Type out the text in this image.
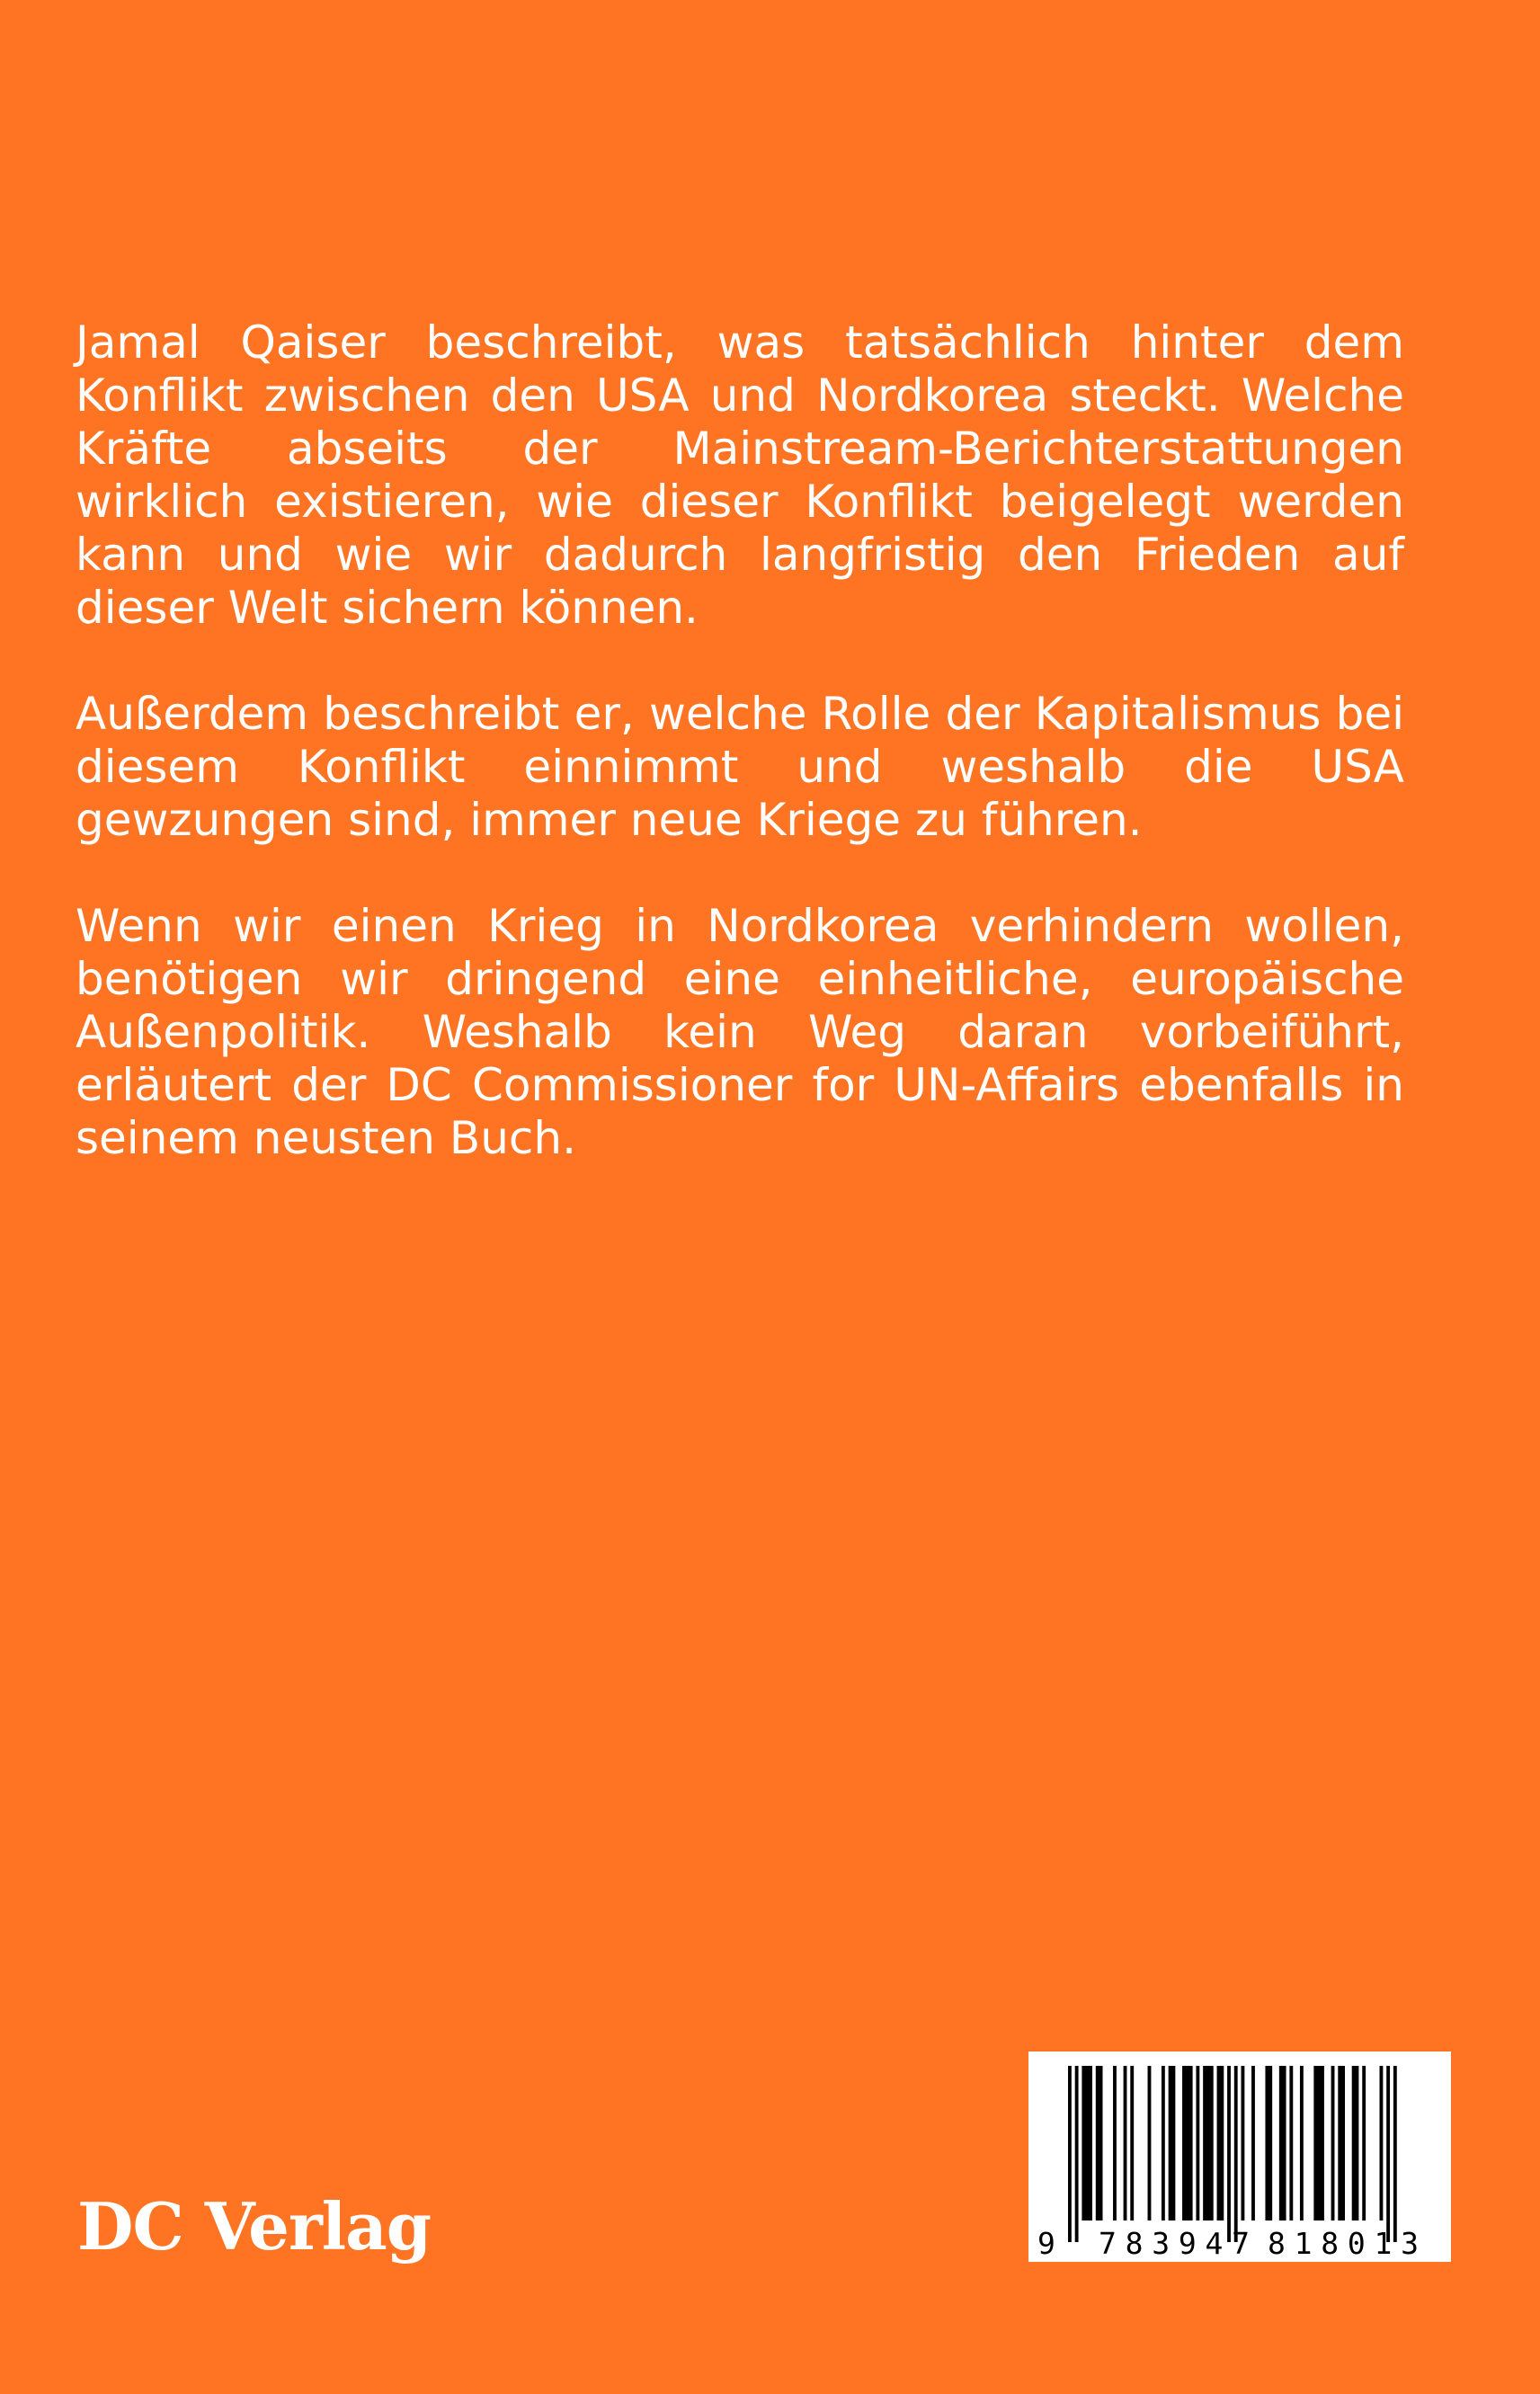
Jamal Qaiser beschreibt, was tatsächlich hinter dem Konflikt zwischen den USA und Nordkorea steckt. Welche Kräfte abseits der Mainstream-Berichterstattungen wirklich existieren, wie dieser Konflikt beigelegt werden kann und wie wir dadurch langfristig den Frieden auf dieser Welt sichern können.

Außerdem beschreibt er, welche Rolle der Kapitalismus bei diesem Konflikt einnimmt und weshalb die USA gewzungen sind, immer neue Kriege zu führen.

Wenn wir einen Krieg in Nordkorea verhindern wollen, benötigen wir dringend eine einheitliche, europäische Außenpolitik. Weshalb kein Weg daran vorbeiführt, erläutert der DC Commissioner for UN-Affairs ebenfalls in seinem neusten Buch.

DC Verlag	9 783947 818013
